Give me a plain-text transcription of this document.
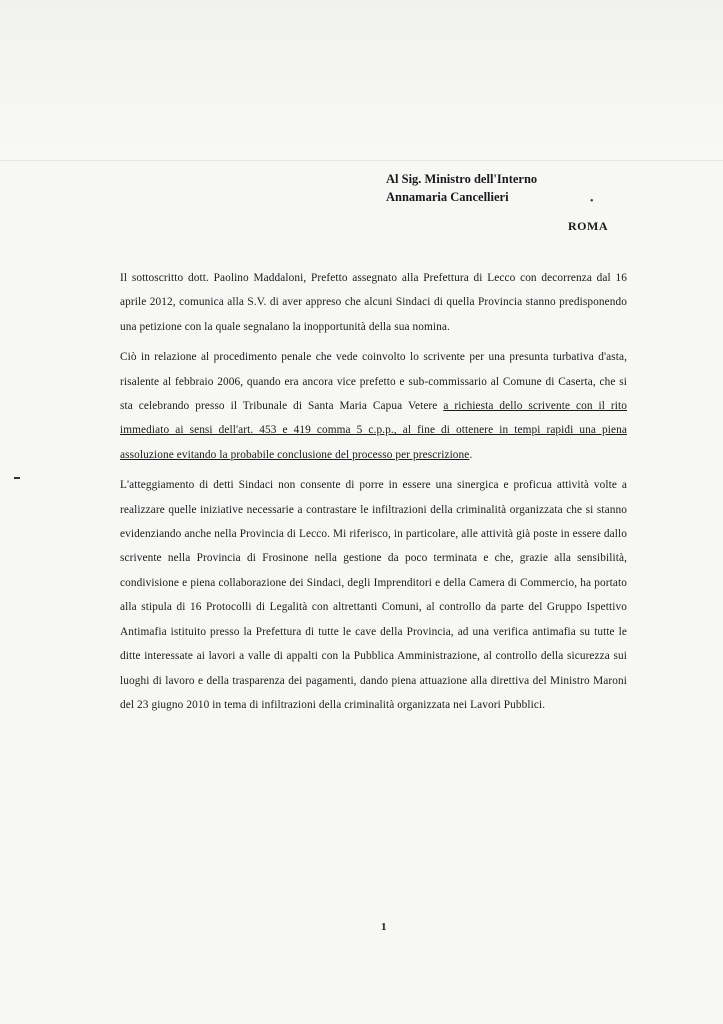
Al Sig. Ministro dell'Interno
Annamaria Cancellieri	•
ROMA

Il sottoscritto dott. Paolino Maddaloni, Prefetto assegnato alla Prefettura di Lecco con decorrenza dal 16 aprile 2012, comunica alla S.V. di aver appreso che alcuni Sindaci di quella Provincia stanno predisponendo una petizione con la quale segnalano la inopportunità della sua nomina.

Ciò in relazione al procedimento penale che vede coinvolto lo scrivente per una presunta turbativa d'asta, risalente al febbraio 2006, quando era ancora vice prefetto e sub-commissario al Comune di Caserta, che si sta celebrando presso il Tribunale di Santa Maria Capua Vetere a richiesta dello scrivente con il rito immediato ai sensi dell'art. 453 e 419 comma 5 c.p.p., al fine di ottenere in tempi rapidi una piena assoluzione evitando la probabile conclusione del processo per prescrizione.

L'atteggiamento di detti Sindaci non consente di porre in essere una sinergica e proficua attività volte a realizzare quelle iniziative necessarie a contrastare le infiltrazioni della criminalità organizzata che si stanno evidenziando anche nella Provincia di Lecco. Mi riferisco, in particolare, alle attività già poste in essere dallo scrivente nella Provincia di Frosinone nella gestione da poco terminata e che, grazie alla sensibilità, condivisione e piena collaborazione dei Sindaci, degli Imprenditori e della Camera di Commercio, ha portato alla stipula di 16 Protocolli di Legalità con altrettanti Comuni, al controllo da parte del Gruppo Ispettivo Antimafia istituito presso la Prefettura di tutte le cave della Provincia, ad una verifica antimafia su tutte le ditte interessate ai lavori a valle di appalti con la Pubblica Amministrazione, al controllo della sicurezza sui luoghi di lavoro e della trasparenza dei pagamenti, dando piena attuazione alla direttiva del Ministro Maroni del 23 giugno 2010 in tema di infiltrazioni della criminalità organizzata nei Lavori Pubblici.

1
